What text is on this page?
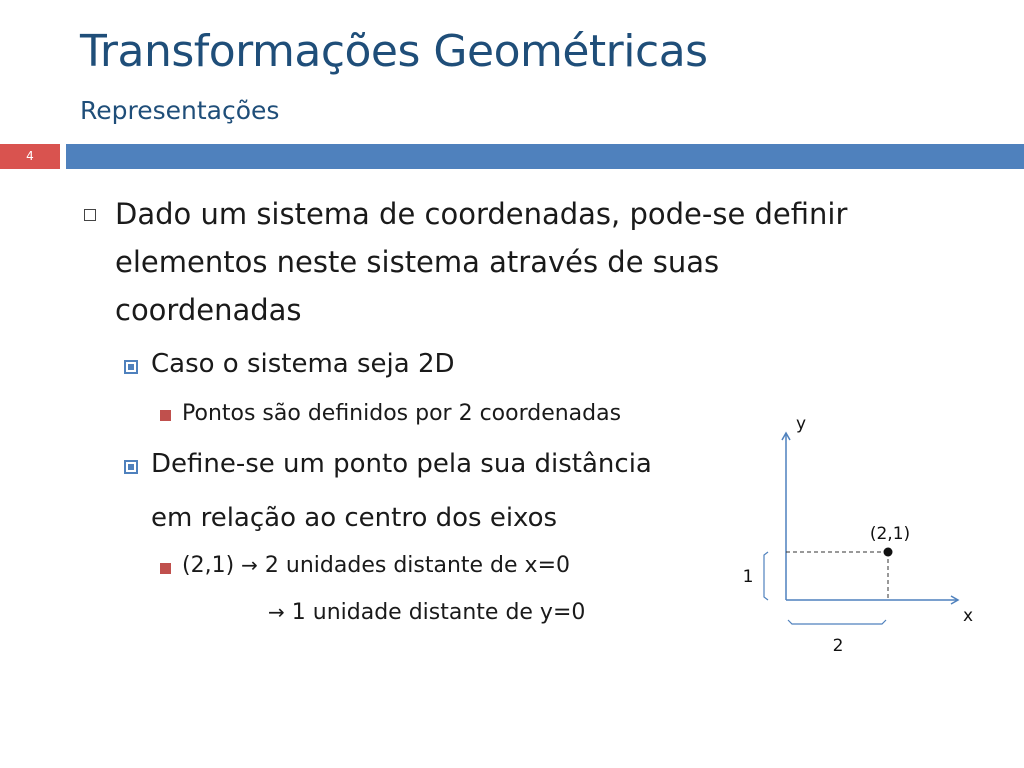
Transformações Geométricas
Representações
4
Dado um sistema de coordenadas, pode-se definir
elementos neste sistema através de suas
coordenadas
Caso o sistema seja 2D
Pontos são definidos por 2 coordenadas
Define-se um ponto pela sua distância
em relação ao centro dos eixos
(2,1) → 2 unidades distante de x=0
→ 1 unidade distante de y=0
y
x
(2,1)
1
2
